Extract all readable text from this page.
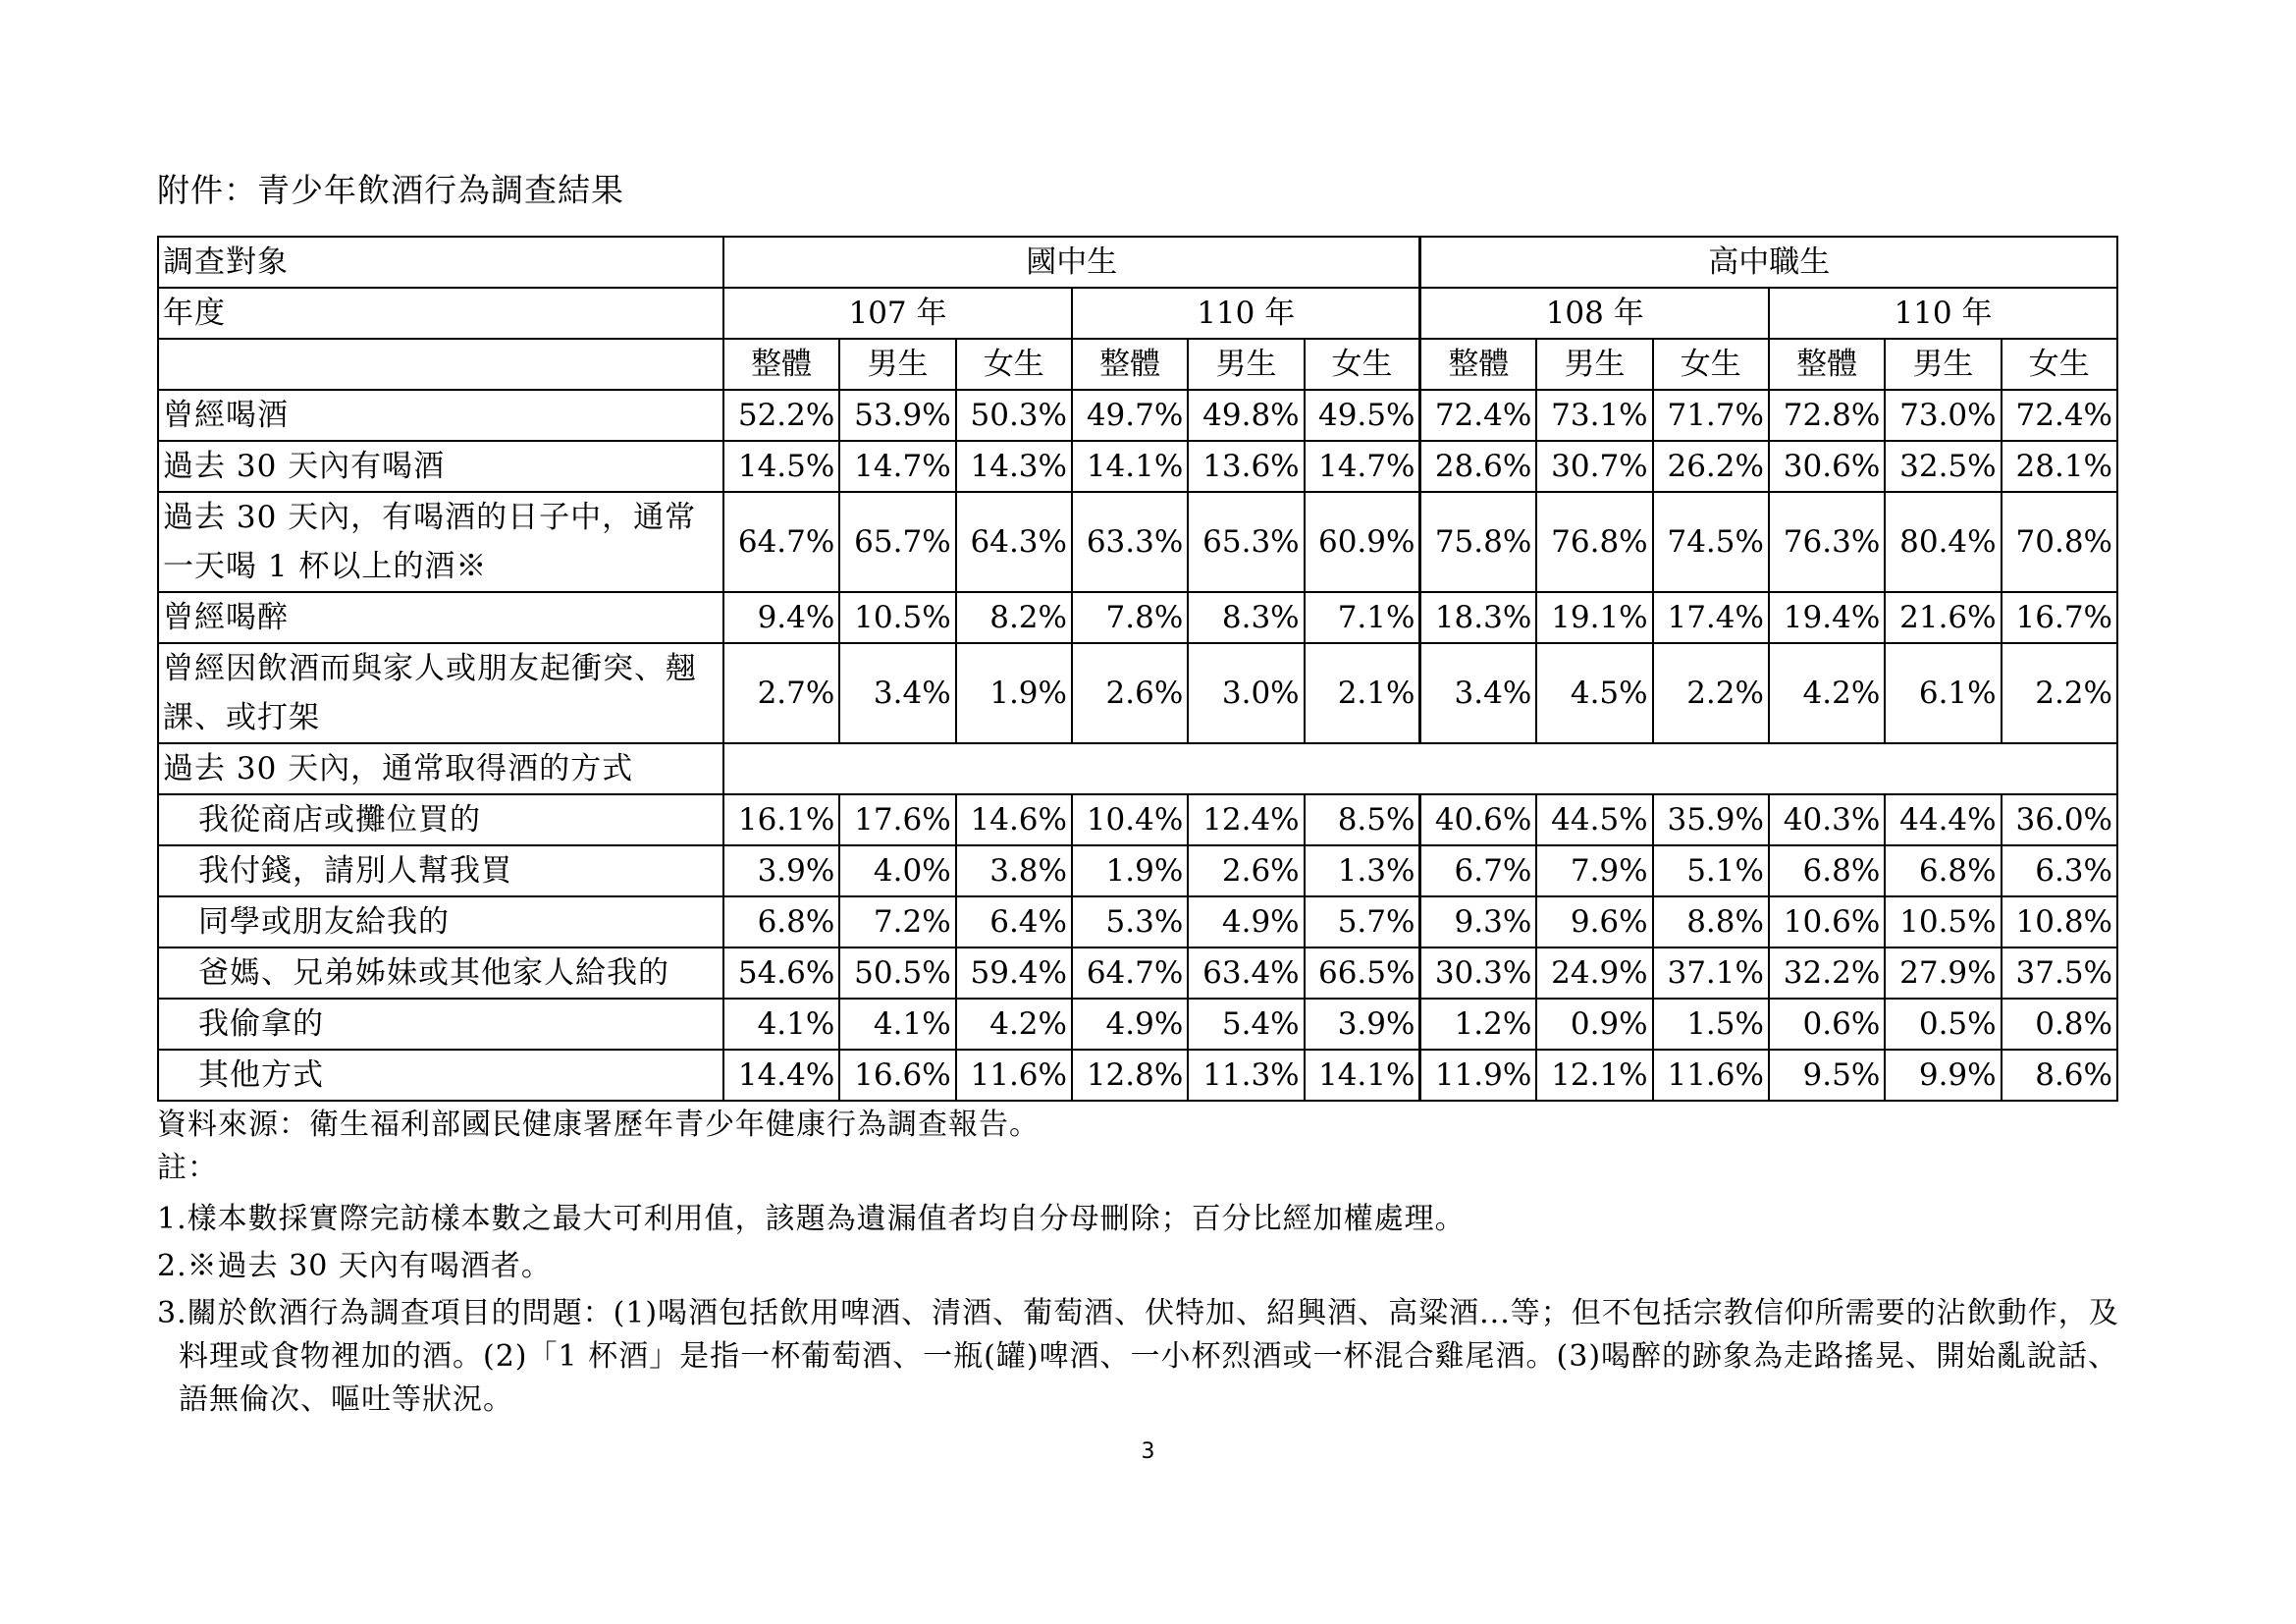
附件：青少年飲酒行為調查結果
調查對象	國中生						高中職生					
年度	107 年			110 年			108 年			110 年		
	整體	男生	女生	整體	男生	女生	整體	男生	女生	整體	男生	女生
曾經喝酒	52.2%	53.9%	50.3%	49.7%	49.8%	49.5%	72.4%	73.1%	71.7%	72.8%	73.0%	72.4%
過去 30 天內有喝酒	14.5%	14.7%	14.3%	14.1%	13.6%	14.7%	28.6%	30.7%	26.2%	30.6%	32.5%	28.1%
過去 30 天內，有喝酒的日子中，通常一天喝 1 杯以上的酒※	64.7%	65.7%	64.3%	63.3%	65.3%	60.9%	75.8%	76.8%	74.5%	76.3%	80.4%	70.8%
曾經喝醉	9.4%	10.5%	8.2%	7.8%	8.3%	7.1%	18.3%	19.1%	17.4%	19.4%	21.6%	16.7%
曾經因飲酒而與家人或朋友起衝突、翹課、或打架	2.7%	3.4%	1.9%	2.6%	3.0%	2.1%	3.4%	4.5%	2.2%	4.2%	6.1%	2.2%
過去 30 天內，通常取得酒的方式												
我從商店或攤位買的	16.1%	17.6%	14.6%	10.4%	12.4%	8.5%	40.6%	44.5%	35.9%	40.3%	44.4%	36.0%
我付錢，請別人幫我買	3.9%	4.0%	3.8%	1.9%	2.6%	1.3%	6.7%	7.9%	5.1%	6.8%	6.8%	6.3%
同學或朋友給我的	6.8%	7.2%	6.4%	5.3%	4.9%	5.7%	9.3%	9.6%	8.8%	10.6%	10.5%	10.8%
爸媽、兄弟姊妹或其他家人給我的	54.6%	50.5%	59.4%	64.7%	63.4%	66.5%	30.3%	24.9%	37.1%	32.2%	27.9%	37.5%
我偷拿的	4.1%	4.1%	4.2%	4.9%	5.4%	3.9%	1.2%	0.9%	1.5%	0.6%	0.5%	0.8%
其他方式	14.4%	16.6%	11.6%	12.8%	11.3%	14.1%	11.9%	12.1%	11.6%	9.5%	9.9%	8.6%

資料來源：衛生福利部國民健康署歷年青少年健康行為調查報告。

註：

1.樣本數採實際完訪樣本數之最大可利用值，該題為遺漏值者均自分母刪除；百分比經加權處理。

2.※過去 30 天內有喝酒者。

3.關於飲酒行為調查項目的問題：(1)喝酒包括飲用啤酒、清酒、葡萄酒、伏特加、紹興酒、高粱酒...等；但不包括宗教信仰所需要的沾飲動作，及料理或食物裡加的酒。(2)「1 杯酒」是指一杯葡萄酒、一瓶(罐)啤酒、一小杯烈酒或一杯混合雞尾酒。(3)喝醉的跡象為走路搖晃、開始亂說話、語無倫次、嘔吐等狀況。

3
